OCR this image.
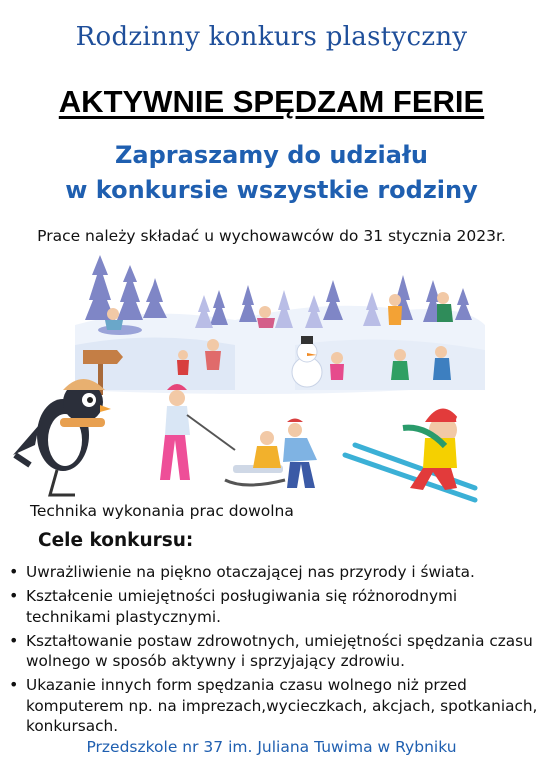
Rodzinny konkurs plastyczny
AKTYWNIE SPĘDZAM FERIE
Zapraszamy do udziału
w konkursie wszystkie rodziny
Prace należy składać u wychowawców do 31 stycznia 2023r.
Technika wykonania prac dowolna
Cele konkursu:
• Uwrażliwienie na piękno otaczającej nas przyrody i świata.
• Kształcenie umiejętności posługiwania się różnorodnymi technikami plastycznymi.
• Kształtowanie postaw zdrowotnych, umiejętności spędzania czasu wolnego w sposób aktywny i sprzyjający zdrowiu.
• Ukazanie innych form spędzania czasu wolnego niż przed komputerem np. na imprezach,wycieczkach, akcjach, spotkaniach, konkursach.
Przedszkole nr 37 im. Juliana Tuwima w Rybniku
